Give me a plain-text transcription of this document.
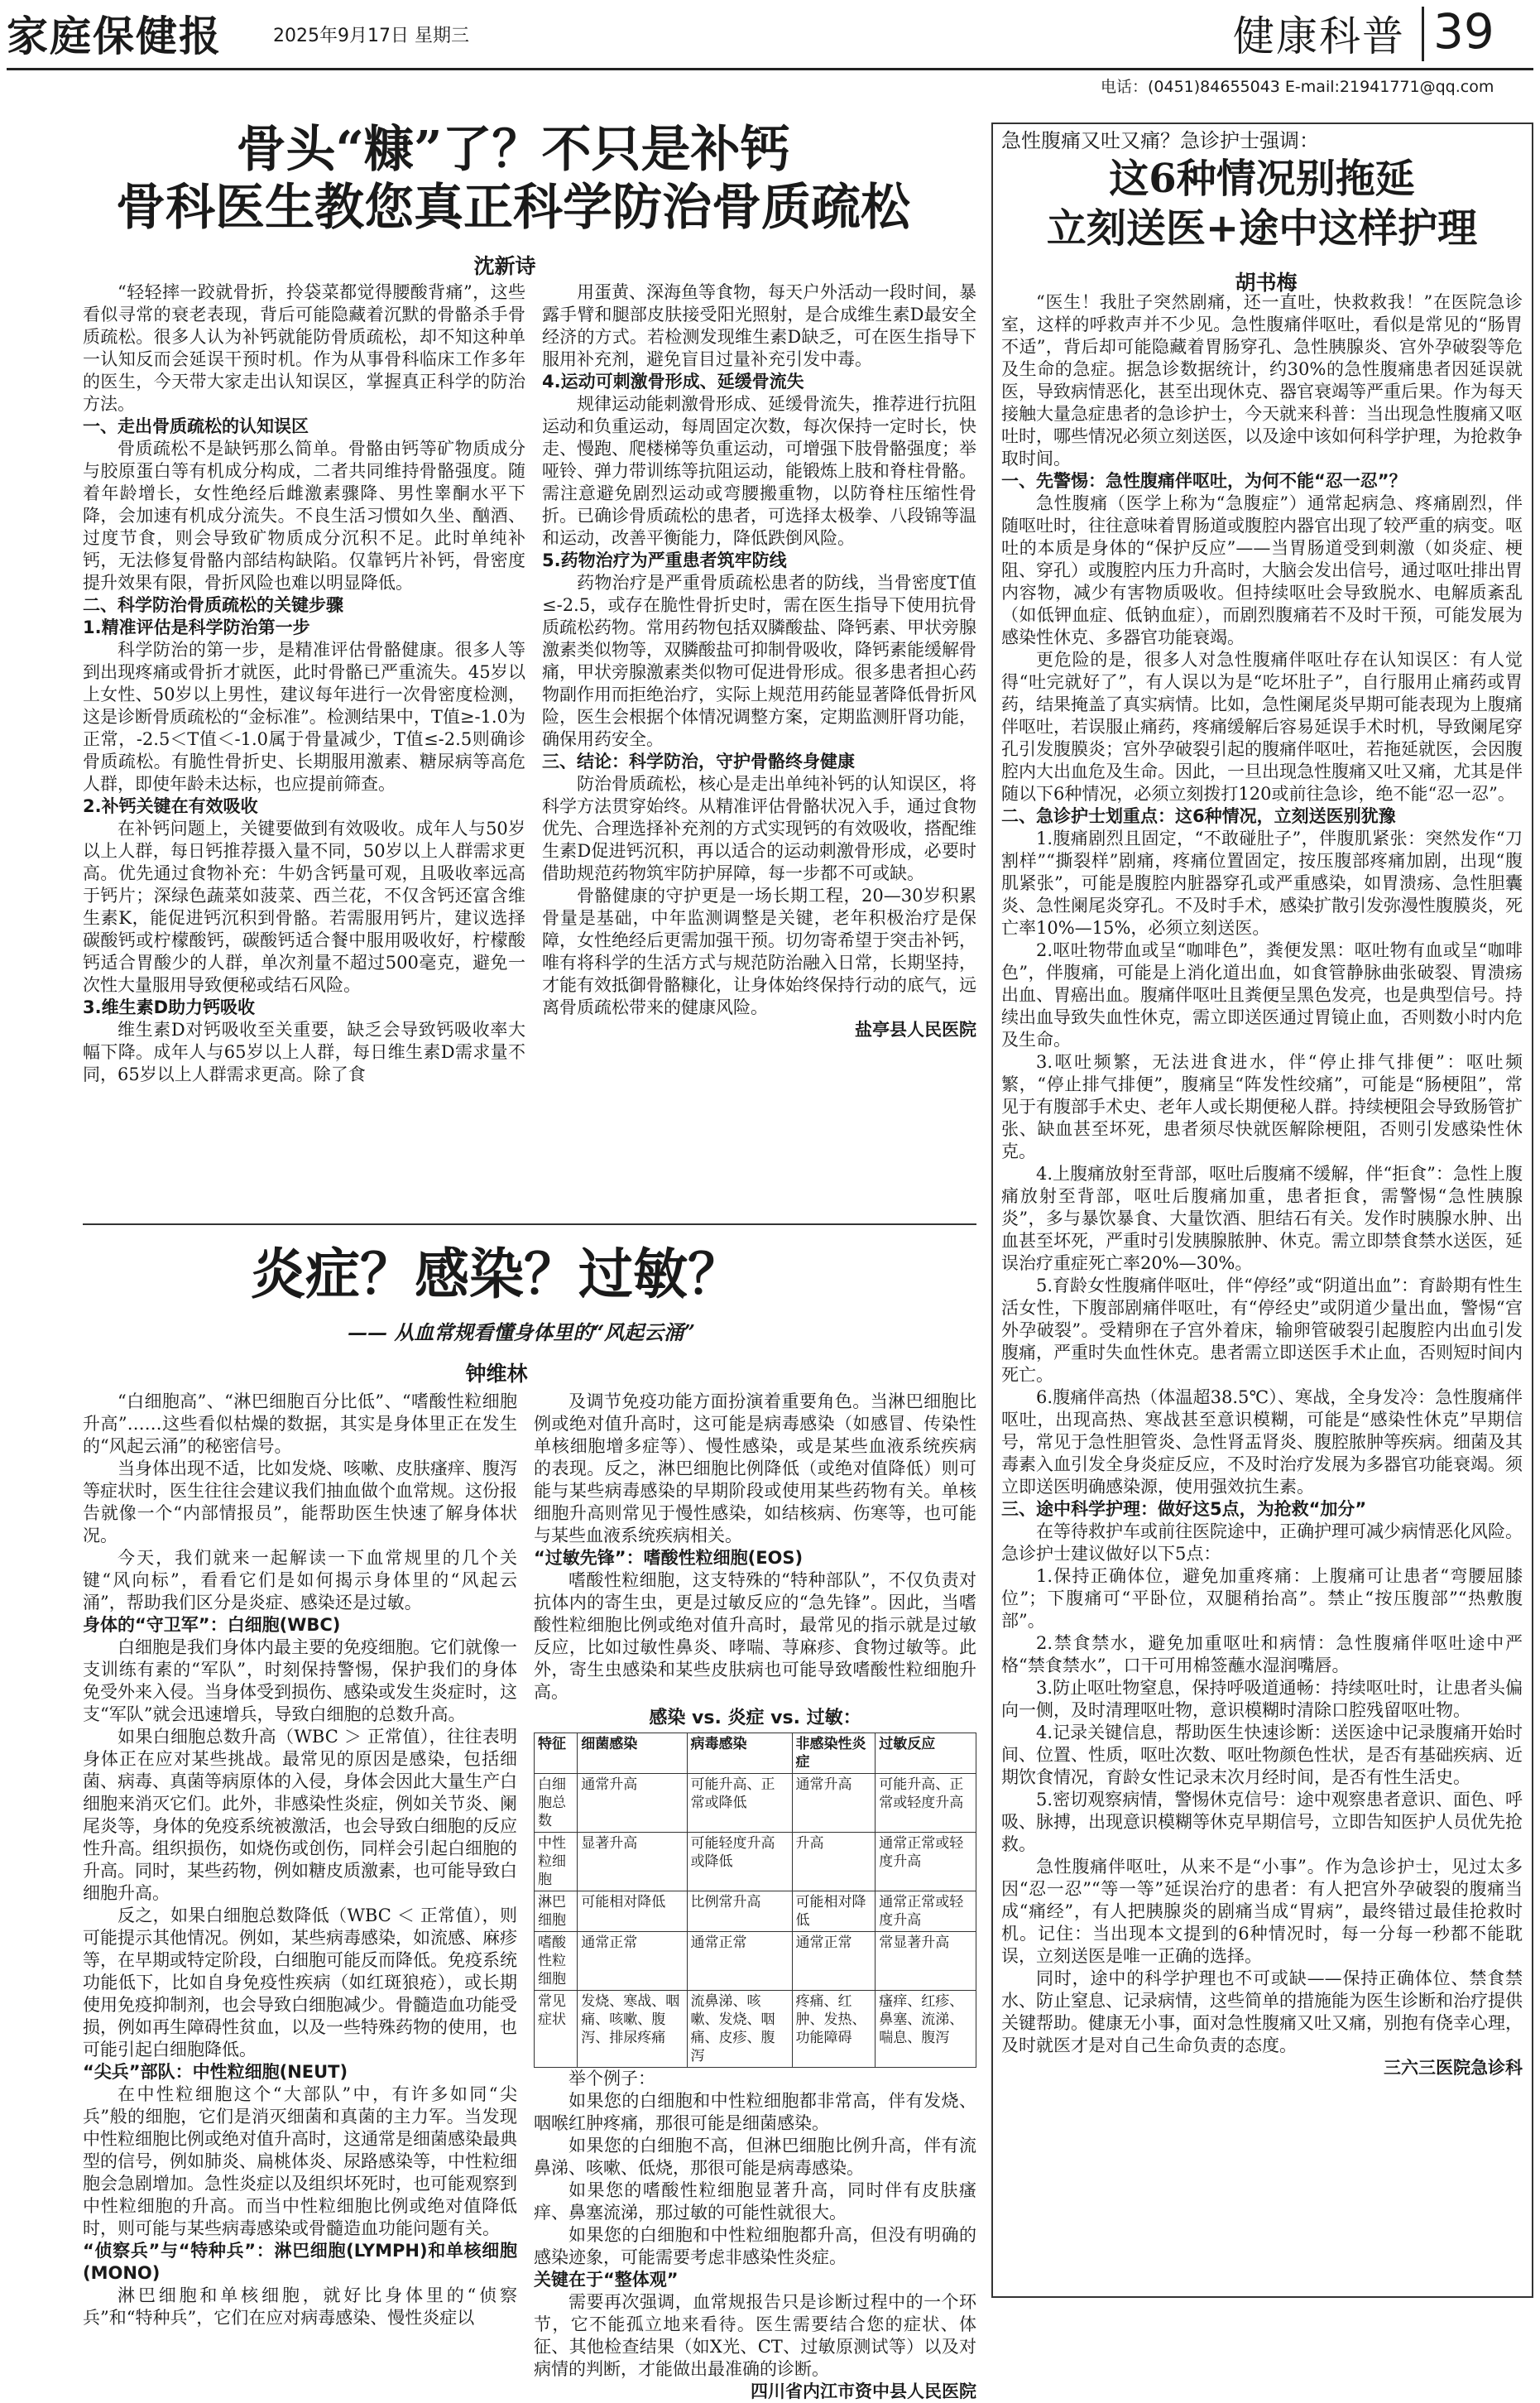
家庭保健报	2025年9月17日 星期三	健康科普 39
电话：(0451)84655043 E-mail:21941771@qq.com
骨头“糠”了？不只是补钙
骨科医生教您真正科学防治骨质疏松
沈新诗

“轻轻摔一跤就骨折，拎袋菜都觉得腰酸背痛”，这些看似寻常的衰老表现，背后可能隐藏着沉默的骨骼杀手骨质疏松。很多人认为补钙就能防骨质疏松，却不知这种单一认知反而会延误干预时机。作为从事骨科临床工作多年的医生，今天带大家走出认知误区，掌握真正科学的防治方法。

一、走出骨质疏松的认知误区

骨质疏松不是缺钙那么简单。骨骼由钙等矿物质成分与胶原蛋白等有机成分构成，二者共同维持骨骼强度。随着年龄增长，女性绝经后雌激素骤降、男性睾酮水平下降，会加速有机成分流失。不良生活习惯如久坐、酗酒、过度节食，则会导致矿物质成分沉积不足。此时单纯补钙，无法修复骨骼内部结构缺陷。仅靠钙片补钙，骨密度提升效果有限，骨折风险也难以明显降低。

二、科学防治骨质疏松的关键步骤

1.精准评估是科学防治第一步

科学防治的第一步，是精准评估骨骼健康。很多人等到出现疼痛或骨折才就医，此时骨骼已严重流失。45岁以上女性、50岁以上男性，建议每年进行一次骨密度检测，这是诊断骨质疏松的“金标准”。检测结果中，T值≥-1.0为正常，-2.5＜T值＜-1.0属于骨量减少，T值≤-2.5则确诊骨质疏松。有脆性骨折史、长期服用激素、糖尿病等高危人群，即使年龄未达标，也应提前筛查。

2.补钙关键在有效吸收

在补钙问题上，关键要做到有效吸收。成年人与50岁以上人群，每日钙推荐摄入量不同，50岁以上人群需求更高。优先通过食物补充：牛奶含钙量可观，且吸收率远高于钙片；深绿色蔬菜如菠菜、西兰花，不仅含钙还富含维生素K，能促进钙沉积到骨骼。若需服用钙片，建议选择碳酸钙或柠檬酸钙，碳酸钙适合餐中服用吸收好，柠檬酸钙适合胃酸少的人群，单次剂量不超过500毫克，避免一次性大量服用导致便秘或结石风险。

3.维生素D助力钙吸收

维生素D对钙吸收至关重要，缺乏会导致钙吸收率大幅下降。成年人与65岁以上人群，每日维生素D需求量不同，65岁以上人群需求更高。除了食

用蛋黄、深海鱼等食物，每天户外活动一段时间，暴露手臂和腿部皮肤接受阳光照射，是合成维生素D最安全经济的方式。若检测发现维生素D缺乏，可在医生指导下服用补充剂，避免盲目过量补充引发中毒。

4.运动可刺激骨形成、延缓骨流失

规律运动能刺激骨形成、延缓骨流失，推荐进行抗阻运动和负重运动，每周固定次数，每次保持一定时长，快走、慢跑、爬楼梯等负重运动，可增强下肢骨骼强度；举哑铃、弹力带训练等抗阻运动，能锻炼上肢和脊柱骨骼。需注意避免剧烈运动或弯腰搬重物，以防脊柱压缩性骨折。已确诊骨质疏松的患者，可选择太极拳、八段锦等温和运动，改善平衡能力，降低跌倒风险。

5.药物治疗为严重患者筑牢防线

药物治疗是严重骨质疏松患者的防线，当骨密度T值≤-2.5，或存在脆性骨折史时，需在医生指导下使用抗骨质疏松药物。常用药物包括双膦酸盐、降钙素、甲状旁腺激素类似物等，双膦酸盐可抑制骨吸收，降钙素能缓解骨痛，甲状旁腺激素类似物可促进骨形成。很多患者担心药物副作用而拒绝治疗，实际上规范用药能显著降低骨折风险，医生会根据个体情况调整方案，定期监测肝肾功能，确保用药安全。

三、结论：科学防治，守护骨骼终身健康

防治骨质疏松，核心是走出单纯补钙的认知误区，将科学方法贯穿始终。从精准评估骨骼状况入手，通过食物优先、合理选择补充剂的方式实现钙的有效吸收，搭配维生素D促进钙沉积，再以适合的运动刺激骨形成，必要时借助规范药物筑牢防护屏障，每一步都不可或缺。

骨骼健康的守护更是一场长期工程，20—30岁积累骨量是基础，中年监测调整是关键，老年积极治疗是保障，女性绝经后更需加强干预。切勿寄希望于突击补钙，唯有将科学的生活方式与规范防治融入日常，长期坚持，才能有效抵御骨骼糠化，让身体始终保持行动的底气，远离骨质疏松带来的健康风险。

盐亭县人民医院

炎症？感染？过敏？
—— 从血常规看懂身体里的“风起云涌”
钟维林

“白细胞高”、“淋巴细胞百分比低”、“嗜酸性粒细胞升高”……这些看似枯燥的数据，其实是身体里正在发生的“风起云涌”的秘密信号。

当身体出现不适，比如发烧、咳嗽、皮肤瘙痒、腹泻等症状时，医生往往会建议我们抽血做个血常规。这份报告就像一个“内部情报员”，能帮助医生快速了解身体状况。

今天，我们就来一起解读一下血常规里的几个关键“风向标”，看看它们是如何揭示身体里的“风起云涌”，帮助我们区分是炎症、感染还是过敏。

身体的“守卫军”：白细胞(WBC)

白细胞是我们身体内最主要的免疫细胞。它们就像一支训练有素的“军队”，时刻保持警惕，保护我们的身体免受外来入侵。当身体受到损伤、感染或发生炎症时，这支“军队”就会迅速增兵，导致白细胞的总数升高。

如果白细胞总数升高（WBC ＞ 正常值），往往表明身体正在应对某些挑战。最常见的原因是感染，包括细菌、病毒、真菌等病原体的入侵，身体会因此大量生产白细胞来消灭它们。此外，非感染性炎症，例如关节炎、阑尾炎等，身体的免疫系统被激活，也会导致白细胞的反应性升高。组织损伤，如烧伤或创伤，同样会引起白细胞的升高。同时，某些药物，例如糖皮质激素，也可能导致白细胞升高。

反之，如果白细胞总数降低（WBC ＜ 正常值），则可能提示其他情况。例如，某些病毒感染，如流感、麻疹等，在早期或特定阶段，白细胞可能反而降低。免疫系统功能低下，比如自身免疫性疾病（如红斑狼疮），或长期使用免疫抑制剂，也会导致白细胞减少。骨髓造血功能受损，例如再生障碍性贫血，以及一些特殊药物的使用，也可能引起白细胞降低。

“尖兵”部队：中性粒细胞(NEUT)

在中性粒细胞这个“大部队”中，有许多如同“尖兵”般的细胞，它们是消灭细菌和真菌的主力军。当发现中性粒细胞比例或绝对值升高时，这通常是细菌感染最典型的信号，例如肺炎、扁桃体炎、尿路感染等，中性粒细胞会急剧增加。急性炎症以及组织坏死时，也可能观察到中性粒细胞的升高。而当中性粒细胞比例或绝对值降低时，则可能与某些病毒感染或骨髓造血功能问题有关。

“侦察兵”与“特种兵”：淋巴细胞(LYMPH)和单核细胞(MONO)

淋巴细胞和单核细胞，就好比身体里的“侦察兵”和“特种兵”，它们在应对病毒感染、慢性炎症以

及调节免疫功能方面扮演着重要角色。当淋巴细胞比例或绝对值升高时，这可能是病毒感染（如感冒、传染性单核细胞增多症等）、慢性感染，或是某些血液系统疾病的表现。反之，淋巴细胞比例降低（或绝对值降低）则可能与某些病毒感染的早期阶段或使用某些药物有关。单核细胞升高则常见于慢性感染，如结核病、伤寒等，也可能与某些血液系统疾病相关。

“过敏先锋”：嗜酸性粒细胞(EOS)

嗜酸性粒细胞，这支特殊的“特种部队”，不仅负责对抗体内的寄生虫，更是过敏反应的“急先锋”。因此，当嗜酸性粒细胞比例或绝对值升高时，最常见的指示就是过敏反应，比如过敏性鼻炎、哮喘、荨麻疹、食物过敏等。此外，寄生虫感染和某些皮肤病也可能导致嗜酸性粒细胞升高。

感染 vs. 炎症 vs. 过敏：
特征	细菌感染	病毒感染	非感染性炎症	过敏反应
白细胞总数	通常升高	可能升高、正常或降低	通常升高	可能升高、正常或轻度升高
中性粒细胞	显著升高	可能轻度升高或降低	升高	通常正常或轻度升高
淋巴细胞	可能相对降低	比例常升高	可能相对降低	通常正常或轻度升高
嗜酸性粒细胞	通常正常	通常正常	通常正常	常显著升高
常见症状	发烧、寒战、咽痛、咳嗽、腹泻、排尿疼痛	流鼻涕、咳嗽、发烧、咽痛、皮疹、腹泻	疼痛、红肿、发热、功能障碍	瘙痒、红疹、鼻塞、流涕、喘息、腹泻

举个例子：

如果您的白细胞和中性粒细胞都非常高，伴有发烧、咽喉红肿疼痛，那很可能是细菌感染。

如果您的白细胞不高，但淋巴细胞比例升高，伴有流鼻涕、咳嗽、低烧，那很可能是病毒感染。

如果您的嗜酸性粒细胞显著升高，同时伴有皮肤瘙痒、鼻塞流涕，那过敏的可能性就很大。

如果您的白细胞和中性粒细胞都升高，但没有明确的感染迹象，可能需要考虑非感染性炎症。

关键在于“整体观”

需要再次强调，血常规报告只是诊断过程中的一个环节，它不能孤立地来看待。医生需要结合您的症状、体征、其他检查结果（如X光、CT、过敏原测试等）以及对病情的判断，才能做出最准确的诊断。

四川省内江市资中县人民医院

急性腹痛又吐又痛？急诊护士强调：
这6种情况别拖延
立刻送医+途中这样护理
胡书梅

“医生！我肚子突然剧痛，还一直吐，快救救我！”在医院急诊室，这样的呼救声并不少见。急性腹痛伴呕吐，看似是常见的“肠胃不适”，背后却可能隐藏着胃肠穿孔、急性胰腺炎、宫外孕破裂等危及生命的急症。据急诊数据统计，约30%的急性腹痛患者因延误就医，导致病情恶化，甚至出现休克、器官衰竭等严重后果。作为每天接触大量急症患者的急诊护士，今天就来科普：当出现急性腹痛又呕吐时，哪些情况必须立刻送医，以及途中该如何科学护理，为抢救争取时间。

一、先警惕：急性腹痛伴呕吐，为何不能“忍一忍”？

急性腹痛（医学上称为“急腹症”）通常起病急、疼痛剧烈，伴随呕吐时，往往意味着胃肠道或腹腔内器官出现了较严重的病变。呕吐的本质是身体的“保护反应”——当胃肠道受到刺激（如炎症、梗阻、穿孔）或腹腔内压力升高时，大脑会发出信号，通过呕吐排出胃内容物，减少有害物质吸收。但持续呕吐会导致脱水、电解质紊乱（如低钾血症、低钠血症），而剧烈腹痛若不及时干预，可能发展为感染性休克、多器官功能衰竭。

更危险的是，很多人对急性腹痛伴呕吐存在认知误区：有人觉得“吐完就好了”，有人误以为是“吃坏肚子”，自行服用止痛药或胃药，结果掩盖了真实病情。比如，急性阑尾炎早期可能表现为上腹痛伴呕吐，若误服止痛药，疼痛缓解后容易延误手术时机，导致阑尾穿孔引发腹膜炎；宫外孕破裂引起的腹痛伴呕吐，若拖延就医，会因腹腔内大出血危及生命。因此，一旦出现急性腹痛又吐又痛，尤其是伴随以下6种情况，必须立刻拨打120或前往急诊，绝不能“忍一忍”。

二、急诊护士划重点：这6种情况，立刻送医别犹豫

1.腹痛剧烈且固定，“不敢碰肚子”，伴腹肌紧张：突然发作“刀割样”“撕裂样”剧痛，疼痛位置固定，按压腹部疼痛加剧，出现“腹肌紧张”，可能是腹腔内脏器穿孔或严重感染，如胃溃疡、急性胆囊炎、急性阑尾炎穿孔。不及时手术，感染扩散引发弥漫性腹膜炎，死亡率10%—15%，必须立刻送医。

2.呕吐物带血或呈“咖啡色”，粪便发黑：呕吐物有血或呈“咖啡色”，伴腹痛，可能是上消化道出血，如食管静脉曲张破裂、胃溃疡出血、胃癌出血。腹痛伴呕吐且粪便呈黑色发亮，也是典型信号。持续出血导致失血性休克，需立即送医通过胃镜止血，否则数小时内危及生命。

3.呕吐频繁，无法进食进水，伴“停止排气排便”：呕吐频繁，“停止排气排便”，腹痛呈“阵发性绞痛”，可能是“肠梗阻”，常见于有腹部手术史、老年人或长期便秘人群。持续梗阻会导致肠管扩张、缺血甚至坏死，患者须尽快就医解除梗阻，否则引发感染性休克。

4.上腹痛放射至背部，呕吐后腹痛不缓解，伴“拒食”：急性上腹痛放射至背部，呕吐后腹痛加重，患者拒食，需警惕“急性胰腺炎”，多与暴饮暴食、大量饮酒、胆结石有关。发作时胰腺水肿、出血甚至坏死，严重时引发胰腺脓肿、休克。需立即禁食禁水送医，延误治疗重症死亡率20%—30%。

5.育龄女性腹痛伴呕吐，伴“停经”或“阴道出血”：育龄期有性生活女性，下腹部剧痛伴呕吐，有“停经史”或阴道少量出血，警惕“宫外孕破裂”。受精卵在子宫外着床，输卵管破裂引起腹腔内出血引发腹痛，严重时失血性休克。患者需立即送医手术止血，否则短时间内死亡。

6.腹痛伴高热（体温超38.5℃）、寒战，全身发冷：急性腹痛伴呕吐，出现高热、寒战甚至意识模糊，可能是“感染性休克”早期信号，常见于急性胆管炎、急性肾盂肾炎、腹腔脓肿等疾病。细菌及其毒素入血引发全身炎症反应，不及时治疗发展为多器官功能衰竭。须立即送医明确感染源，使用强效抗生素。

三、途中科学护理：做好这5点，为抢救“加分”

在等待救护车或前往医院途中，正确护理可减少病情恶化风险。急诊护士建议做好以下5点：

1.保持正确体位，避免加重疼痛：上腹痛可让患者“弯腰屈膝位”；下腹痛可“平卧位，双腿稍抬高”。禁止“按压腹部”“热敷腹部”。

2.禁食禁水，避免加重呕吐和病情：急性腹痛伴呕吐途中严格“禁食禁水”，口干可用棉签蘸水湿润嘴唇。

3.防止呕吐物窒息，保持呼吸道通畅：持续呕吐时，让患者头偏向一侧，及时清理呕吐物，意识模糊时清除口腔残留呕吐物。

4.记录关键信息，帮助医生快速诊断：送医途中记录腹痛开始时间、位置、性质，呕吐次数、呕吐物颜色性状，是否有基础疾病、近期饮食情况，育龄女性记录末次月经时间，是否有性生活史。

5.密切观察病情，警惕休克信号：途中观察患者意识、面色、呼吸、脉搏，出现意识模糊等休克早期信号，立即告知医护人员优先抢救。

急性腹痛伴呕吐，从来不是“小事”。作为急诊护士，见过太多因“忍一忍”“等一等”延误治疗的患者：有人把宫外孕破裂的腹痛当成“痛经”，有人把胰腺炎的剧痛当成“胃病”，最终错过最佳抢救时机。记住：当出现本文提到的6种情况时，每一分每一秒都不能耽误，立刻送医是唯一正确的选择。

同时，途中的科学护理也不可或缺——保持正确体位、禁食禁水、防止窒息、记录病情，这些简单的措施能为医生诊断和治疗提供关键帮助。健康无小事，面对急性腹痛又吐又痛，别抱有侥幸心理，及时就医才是对自己生命负责的态度。

三六三医院急诊科
